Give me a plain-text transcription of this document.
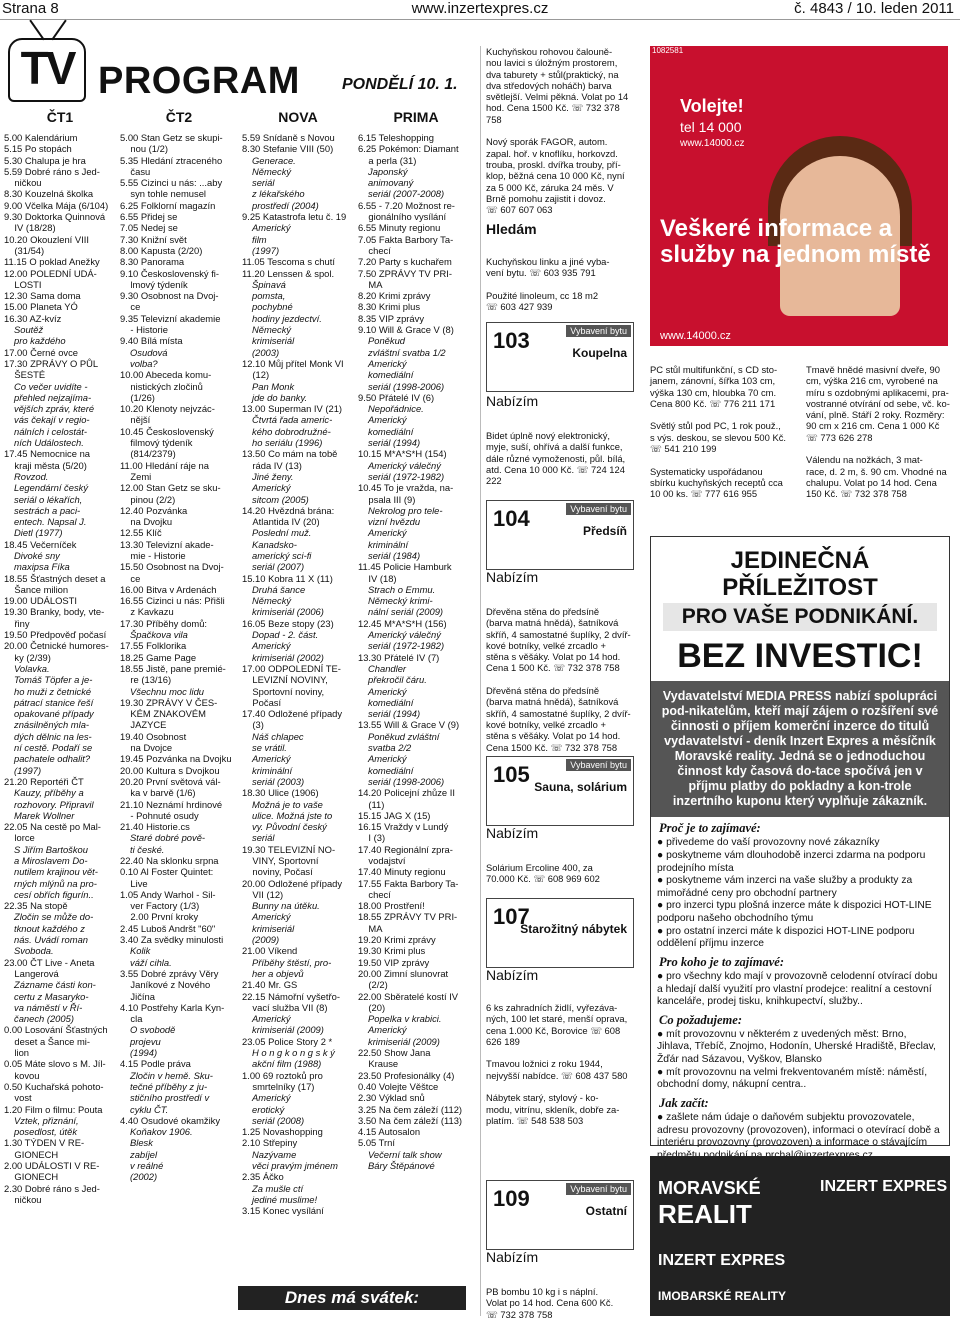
Strana 8	www.inzertexpres.cz	č. 4843 / 10. leden 2011
TV PROGRAM	PONDĚLÍ 10. 1.
ČT1	ČT2	NOVA	PRIMA
5.00 Kalendárium
5.15 Po stopách
5.30 Chalupa je hra
5.59 Dobré ráno s Jed-
ničkou
8.30 Kouzelná školka
9.00 Včelka Mája (6/104)
9.30 Doktorka Quinnová
IV (18/28)
10.20 Okouzlení VIII
(31/54)
11.15 O poklad Anežky
12.00 POLEDNÍ UDÁ-
LOSTI
12.30 Sama doma
15.00 Planeta YÓ
16.30 AZ-kvíz
Soutěž
pro každého
17.00 Černé ovce
17.30 ZPRÁVY O PŮL
ŠESTÉ
Co večer uvidíte -
přehled nejzajíma-
vějších zpráv, které
vás čekají v regio-
nálních i celostát-
ních Událostech.
17.45 Nemocnice na
kraji města (5/20)
Rovzod.
Legendární český
seriál o lékařích,
sestrách a paci-
entech. Napsal J.
Dietl (1977)
18.45 Večerníček
Divoké sny
maxipsa Fíka
18.55 Šťastných deset a
Šance milion
19.00 UDÁLOSTI
19.30 Branky, body, vte-
řiny
19.50 Předpověď počasí
20.00 Četnické humores-
ky (2/39)
Volavka.
Tomáš Töpfer a je-
ho muži z četnické
pátrací stanice řeší
opakované případy
znásilněných mla-
dých dělnic na les-
ní cestě. Podaří se
pachatele odhalit?
(1997)
21.20 Reportéři ČT
Kauzy, příběhy a
rozhovory. Připravil
Marek Wollner
22.05 Na cestě po Mal-
lorce
S Jiřím Bartoškou
a Miroslavem Do-
nutilem krajinou vět-
rných mlýnů na pro-
cesí obřích figurín..
22.35 Na stopě
Zločin se může do-
tknout každého z
nás. Uvádí roman
Svoboda.
23.00 ČT Live - Aneta
Langerová
Zázname části kon-
certu z Masaryko-
va náměstí v Ří-
čanech (2005)
0.00 Losování Šťastných
deset a Šance mi-
lion
0.05 Máte slovo s M. Jíl-
kovou
0.50 Kuchařská pohoto-
vost
1.20 Film o filmu: Pouta
Vztek, přiznání,
posedlost, útěk
1.30 TÝDEN V RE-
GIONECH
2.00 UDÁLOSTI V RE-
GIONECH
2.30 Dobré ráno s Jed-
ničkou
5.00 Stan Getz se skupi-
nou (1/2)
5.35 Hledání ztraceného
času
5.55 Cizinci u nás: ...aby
syn tohle nemusel
6.25 Folklorní magazín
6.55 Přidej se
7.05 Nedej se
7.30 Knižní svět
8.00 Kapusta (2/20)
8.30 Panorama
9.10 Československý fi-
lmový týdeník
9.30 Osobnost na Dvoj-
ce
9.35 Televizní akademie
- Historie
9.40 Bílá místa
Osudová
volba?
10.00 Abeceda komu-
nistických zločinů
(1/26)
10.20 Klenoty nejvzác-
nější
10.45 Československý
filmový týdeník
(814/2379)
11.00 Hledání ráje na
Zemi
12.00 Stan Getz se sku-
pinou (2/2)
12.40 Pozvánka
na Dvojku
12.55 Klíč
13.30 Televizní akade-
mie - Historie
15.50 Osobnost na Dvoj-
ce
16.00 Bitva v Ardenách
16.55 Cizinci u nás: Přišli
z Kavkazu
17.30 Příběhy domů:
Špačkova vila
17.55 Folklorika
18.25 Game Page
18.55 Jistě, pane premié-
re (13/16)
Všechnu moc lidu
19.30 ZPRÁVY V ČES-
KÉM ZNAKOVÉM
JAZYCE
19.40 Osobnost
na Dvojce
19.45 Pozvánka na Dvojku
20.00 Kultura s Dvojkou
20.20 První světová vál-
ka v barvě (1/6)
21.10 Neznámí hrdinové
- Pohnuté osudy
21.40 Historie.cs
Staré dobré pově-
ti české.
22.40 Na sklonku srpna
0.10 Al Foster Quintet:
Live
1.05 Andy Warhol - Sil-
ver Factory (1/3)
2.00 První kroky
2.45 Luboš Andršt "60"
3.40 Za svědky minulosti
Kolik
váží cihla.
3.55 Dobré zprávy Věry
Janíkové z Nového
Jičína
4.10 Postřehy Karla Kyn-
cla
O svobodě
projevu
(1994)
4.15 Podle práva
Zločin v hemě. Sku-
tečné příběhy z ju-
stičního prostředí v
cyklu ČT.
4.40 Osudové okamžiky
Koňakov 1906.
Blesk
zabíjel
v reálné
(2002)
5.59 Snídaně s Novou
8.30 Stefanie VIII (50)
Generace.
Německý
seriál
z lékařského
prostředí (2004)
9.25 Katastrofa letu č. 19
Americký
film
(1997)
11.05 Tescoma s chutí
11.20 Lenssen & spol.
Špinavá
pomsta,
pochybné
hodiny jezdectví.
Německý
krimiseriál
(2003)
12.10 Můj přítel Monk VI
(12)
Pan Monk
jde do banky.
13.00 Superman IV (21)
Čtvrtá řada americ-
kého dobrodružné-
ho seriálu (1996)
13.50 Co mám na tobě
ráda IV (13)
Jiné ženy.
Americký
sitcom (2005)
14.20 Hvězdná brána:
Atlantida IV (20)
Poslední muž.
Kanadsko-
americký sci-fi
seriál (2007)
15.10 Kobra 11 X (11)
Druhá šance
Německý
krimiseriál (2006)
16.05 Beze stopy (23)
Dopad - 2. část.
Americký
krimiseriál (2002)
17.00 ODPOLEDNÍ TE-
LEVIZNÍ NOVINY,
Sportovní noviny,
Počasí
17.40 Odložené případy
(3)
Náš chlapec
se vrátil.
Americký
kriminální
seriál (2003)
18.30 Ulice (1906)
Možná je to vaše
ulice. Možná jste to
vy. Původní český
seriál
19.30 TELEVIZNÍ NO-
VINY, Sportovní
noviny, Počasí
20.00 Odložené případy
VII (12)
Bunny na útěku.
Americký
krimiseriál
(2009)
21.00 Víkend
Příběhy štěstí, pro-
her a objevů
21.40 Mr. GS
22.15 Námořní vyšetřo-
vací služba VII (8)
Americký
krimiseriál (2009)
23.05 Police Story 2 *
H o n g k o n g s k ý
akční film (1988)
1.00 69 roztoků pro
smrtelníky (17)
Americký
erotický
seriál (2008)
1.25 Novashopping
2.10 Střepiny
Nazývame
věci pravým jménem
2.35 Áčko
Za mušle ctí
jediné muslime!
3.15 Konec vysílání
6.15 Teleshopping
6.25 Pokémon: Diamant
a perla (31)
Japonský
animovaný
seriál (2007-2008)
6.55 - 7.20 Možnost re-
gionálního vysílání
6.55 Minuty regionu
7.05 Fakta Barbory Ta-
checí
7.20 Party s kuchařem
7.50 ZPRÁVY TV PRI-
MA
8.20 Krimi zprávy
8.30 Krimi plus
8.35 VIP zprávy
9.10 Will & Grace V (8)
Poněkud
zvláštní svatba 1/2
Americký
komediální
seriál (1998-2006)
9.50 Přátelé IV (6)
Nepořádnice.
Americký
komediální
seriál (1994)
10.15 M*A*S*H (154)
Americký válečný
seriál (1972-1982)
10.45 To je vražda, na-
psala III (9)
Nekrolog pro tele-
vizní hvězdu
Americký
kriminální
seriál (1984)
11.45 Policie Hamburk
IV (18)
Strach o Emmu.
Německý krimi-
nální seriál (2009)
12.45 M*A*S*H (156)
Americký válečný
seriál (1972-1982)
13.30 Přátelé IV (7)
Chandler
překročil čáru.
Americký
komediální
seriál (1994)
13.55 Will & Grace V (9)
Poněkud zvláštní
svatba 2/2
Americký
komediální
seriál (1998-2006)
14.20 Policejní zhůze II
(11)
15.15 JAG X (15)
16.15 Vraždy v Lundý
I (3)
17.40 Regionální zpra-
vodajství
17.40 Minuty regionu
17.55 Fakta Barbory Ta-
checí
18.00 Prostření!
18.55 ZPRÁVY TV PRI-
MA
19.20 Krimi zprávy
19.30 Krimi plus
19.50 VIP zprávy
20.00 Zimní slunovrat
(2/2)
22.00 Sběratelé kostí IV
(20)
Popelka v krabici.
Americký
krimiseriál (2009)
22.50 Show Jana
Krause
23.50 Profesionálky (4)
0.40 Volejte Věštce
2.30 Výklad snů
3.25 Na čem záleží (112)
3.50 Na čem záleží (113)
4.15 Autosalon
5.05 Trní
Večerní talk show
Báry Štěpánové
Dnes má svátek: BŘETISLAV
Kuchyňskou rohovou čalouně-
nou lavici s úložným prostorem,
dva taburety + stůl(praktický, na
dva středových noháčh) barva
světlejší. Velmi pěkná. Volat po 14
hod. Cena 1500 Kč. ☏ 732 378
758

Nový sporák FAGOR, autom.
zapal. hoř. v knoflíku, horkovzd.
trouba, proskl. dvířka trouby, pří-
klop, běžná cena 10 000 Kč, nyní
za 5 000 Kč, záruka 24 měs. V
Brně pomohu zajistit i dovoz.
☏ 607 607 063
Hledám
Kuchyňskou linku a jiné vyba-
vení bytu. ☏ 603 935 791

Použité linoleum, cc 18 m2
☏ 603 427 939
103	Vybavení bytu
Koupelna
Nabízím
Bidet úplně nový elektronický,
myje, suší, ohřívá a další funkce,
dále různé vymoženosti, půl. bílá,
atd. Cena 10 000 Kč. ☏ 724 124
222
104	Vybavení bytu
Předsíň
Nabízím
Dřevěna stěna do předsíně
(barva matná hnědá), šatníková
skříň, 4 samostatné šuplíky, 2 dvíř-
kové botníky, velké zrcadlo +
stěna s věšáky. Volat po 14 hod.
Cena 1 500 Kč. ☏ 732 378 758

Dřevěná stěna do předsíně
(barva matná hnědá), šatníková
skříň, 4 samostatné šuplíky, 2 dvíř-
kové botníky, velké zrcadlo +
stěna s věšáky. Volat po 14 hod.
Cena 1500 Kč. ☏ 732 378 758
105	Vybavení bytu
Sauna, solárium
Nabízím
Solárium Ercoline 400, za
70.000 Kč. ☏ 608 969 602
107
Starožitný nábytek
Nabízím
6 ks zahradních židlí, vyřezáva-
ných, 100 let staré, menší oprava,
cena 1.000 Kč, Borovice ☏ 608
626 189

Tmavou ložnici z roku 1944,
nejvyšší nabídce. ☏ 608 437 580

Nábytek starý, stylový - ko-
modu, vitrínu, skleník, dobře za-
platím. ☏ 548 538 503
109	Vybavení bytu
Ostatní
Nabízím
PB bombu 10 kg i s náplní.
Volat po 14 hod. Cena 600 Kč.
☏ 732 378 758
1082581
Volejte!
tel 14 000
www.14000.cz
Veškeré informace a služby na jednom místě
www.14000.cz
PC stůl multifunkční, s CD sto-
janem, zánovní, šířka 103 cm,
výška 130 cm, hloubka 70 cm.
Cena 800 Kč. ☏ 776 211 171

Světlý stůl pod PC, 1 rok použ.,
s výs. deskou, se slevou 500 Kč.
☏ 541 210 199

Systematicky uspořádanou
sbírku kuchyňských receptů cca
10 00 ks. ☏ 777 616 955
Tmavě hnědé masivní dveře, 90
cm, výška 216 cm, vyrobené na
míru s ozdobnými aplikacemi, pra-
vostranné otvírání od sebe, vč. ko-
vání, plně. Stáří 2 roky. Rozměry:
90 cm x 216 cm. Cena 1 000 Kč
☏ 773 626 278

Válendu na nožkách, 3 mat-
race, d. 2 m, š. 90 cm. Vhodné na
chalupu. Volat po 14 hod. Cena
150 Kč. ☏ 732 378 758
JEDINEČNÁ PŘÍLEŽITOST
PRO VAŠE PODNIKÁNÍ.
BEZ INVESTIC!
Vydavatelství MEDIA PRESS nabízí spolupráci pod-nikatelům, kteří mají zájem o rozšíření své činnosti o příjem komerční inzerce do titulů vydavatelství - deník Inzert Expres a měsíčník Moravské reality. Jedná se o jednoduchou činnost kdy časová do-tace spočívá jen v příjmu platby do pokladny a kon-trole inzertního kuponu který vyplňuje zákazník.
Proč je to zajímavé:
● přivedeme do vaší provozovny nové zákazníky
● poskytneme vám dlouhodobě inzerci zdarma na podporu prodejního místa
● poskytneme vám inzerci na vaše služby a produkty za mimořádné ceny pro obchodní partnery
● pro inzerci typu plošná inzerce máte k dispozici HOT-LINE podporu našeho obchodního týmu
● pro ostatní inzerci máte k dispozici HOT-LINE podporu oddělení příjmu inzerce
Pro koho je to zajímavé:
● pro všechny kdo mají v provozovně celodenní otvírací dobu a hledají další využití pro vlastní prodejce: realitní a cestovní kanceláře, prodej tisku, knihkupectví, služby..
Co požadujeme:
● mít provozovnu v některém z uvedených měst: Brno, Jihlava, Třebíč, Znojmo, Hodonín, Uherské Hradiště, Břeclav, Žďár nad Sázavou, Vyškov, Blansko
● mít provozovnu na velmi frekventovaném místě: náměstí, obchodní domy, nákupní centra..
Jak začít:
● zašlete nám údaje o daňovém subjektu provozovatele, adresu provozovny (provozoven), informaci o otevírací době a interiéru provozovny (provozoven) a informace o stávajícím
MORAVSKÉ
REALIT
INZERT EXPRES
INZERT EXPRES
IMOBARSKÉ REALITY
